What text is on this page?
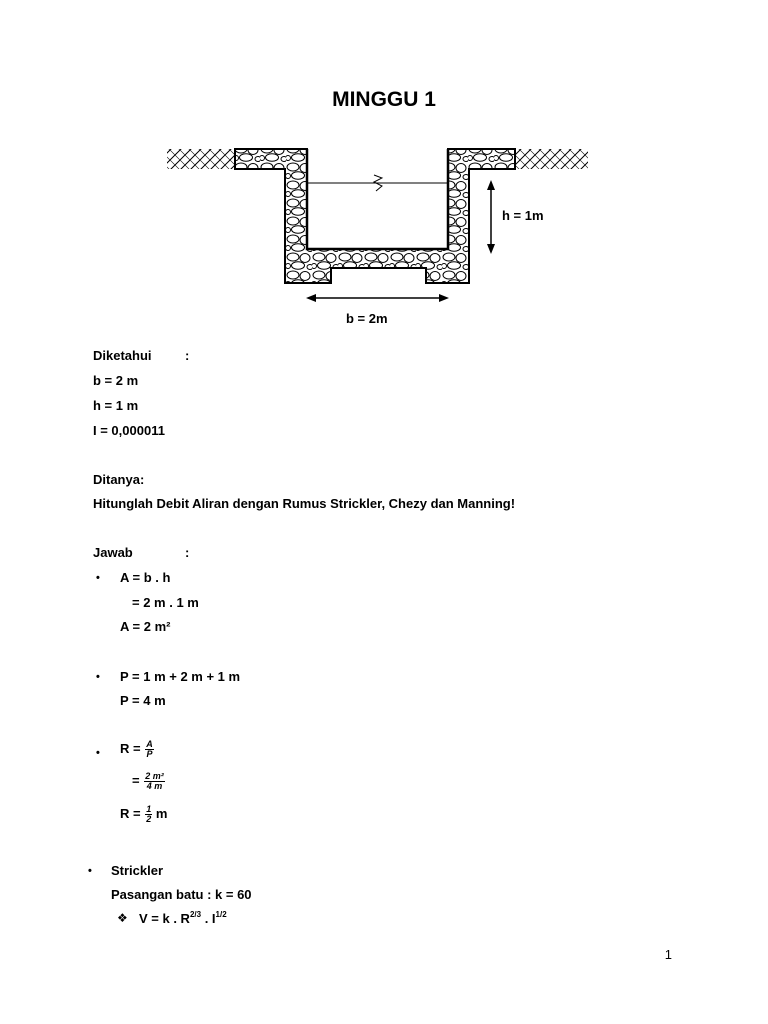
MINGGU 1
h = 1m
b = 2m
Diketahui	:
b = 2 m
h = 1 m
I = 0,000011
Ditanya:
Hitunglah Debit Aliran dengan Rumus Strickler, Chezy dan Manning!
Jawab	:
• A = b . h
= 2 m . 1 m
A = 2 m²
• P = 1 m + 2 m + 1 m
P = 4 m
• $R = \frac{A}{P}$
= $\frac{\text{2 m²}}{4 m}$
$R = \frac{1}{2}$ m
• Strickler
Pasangan batu : k = 60
❖ V = k . $R^{2/3}$ . $I^{1/2}$
1
